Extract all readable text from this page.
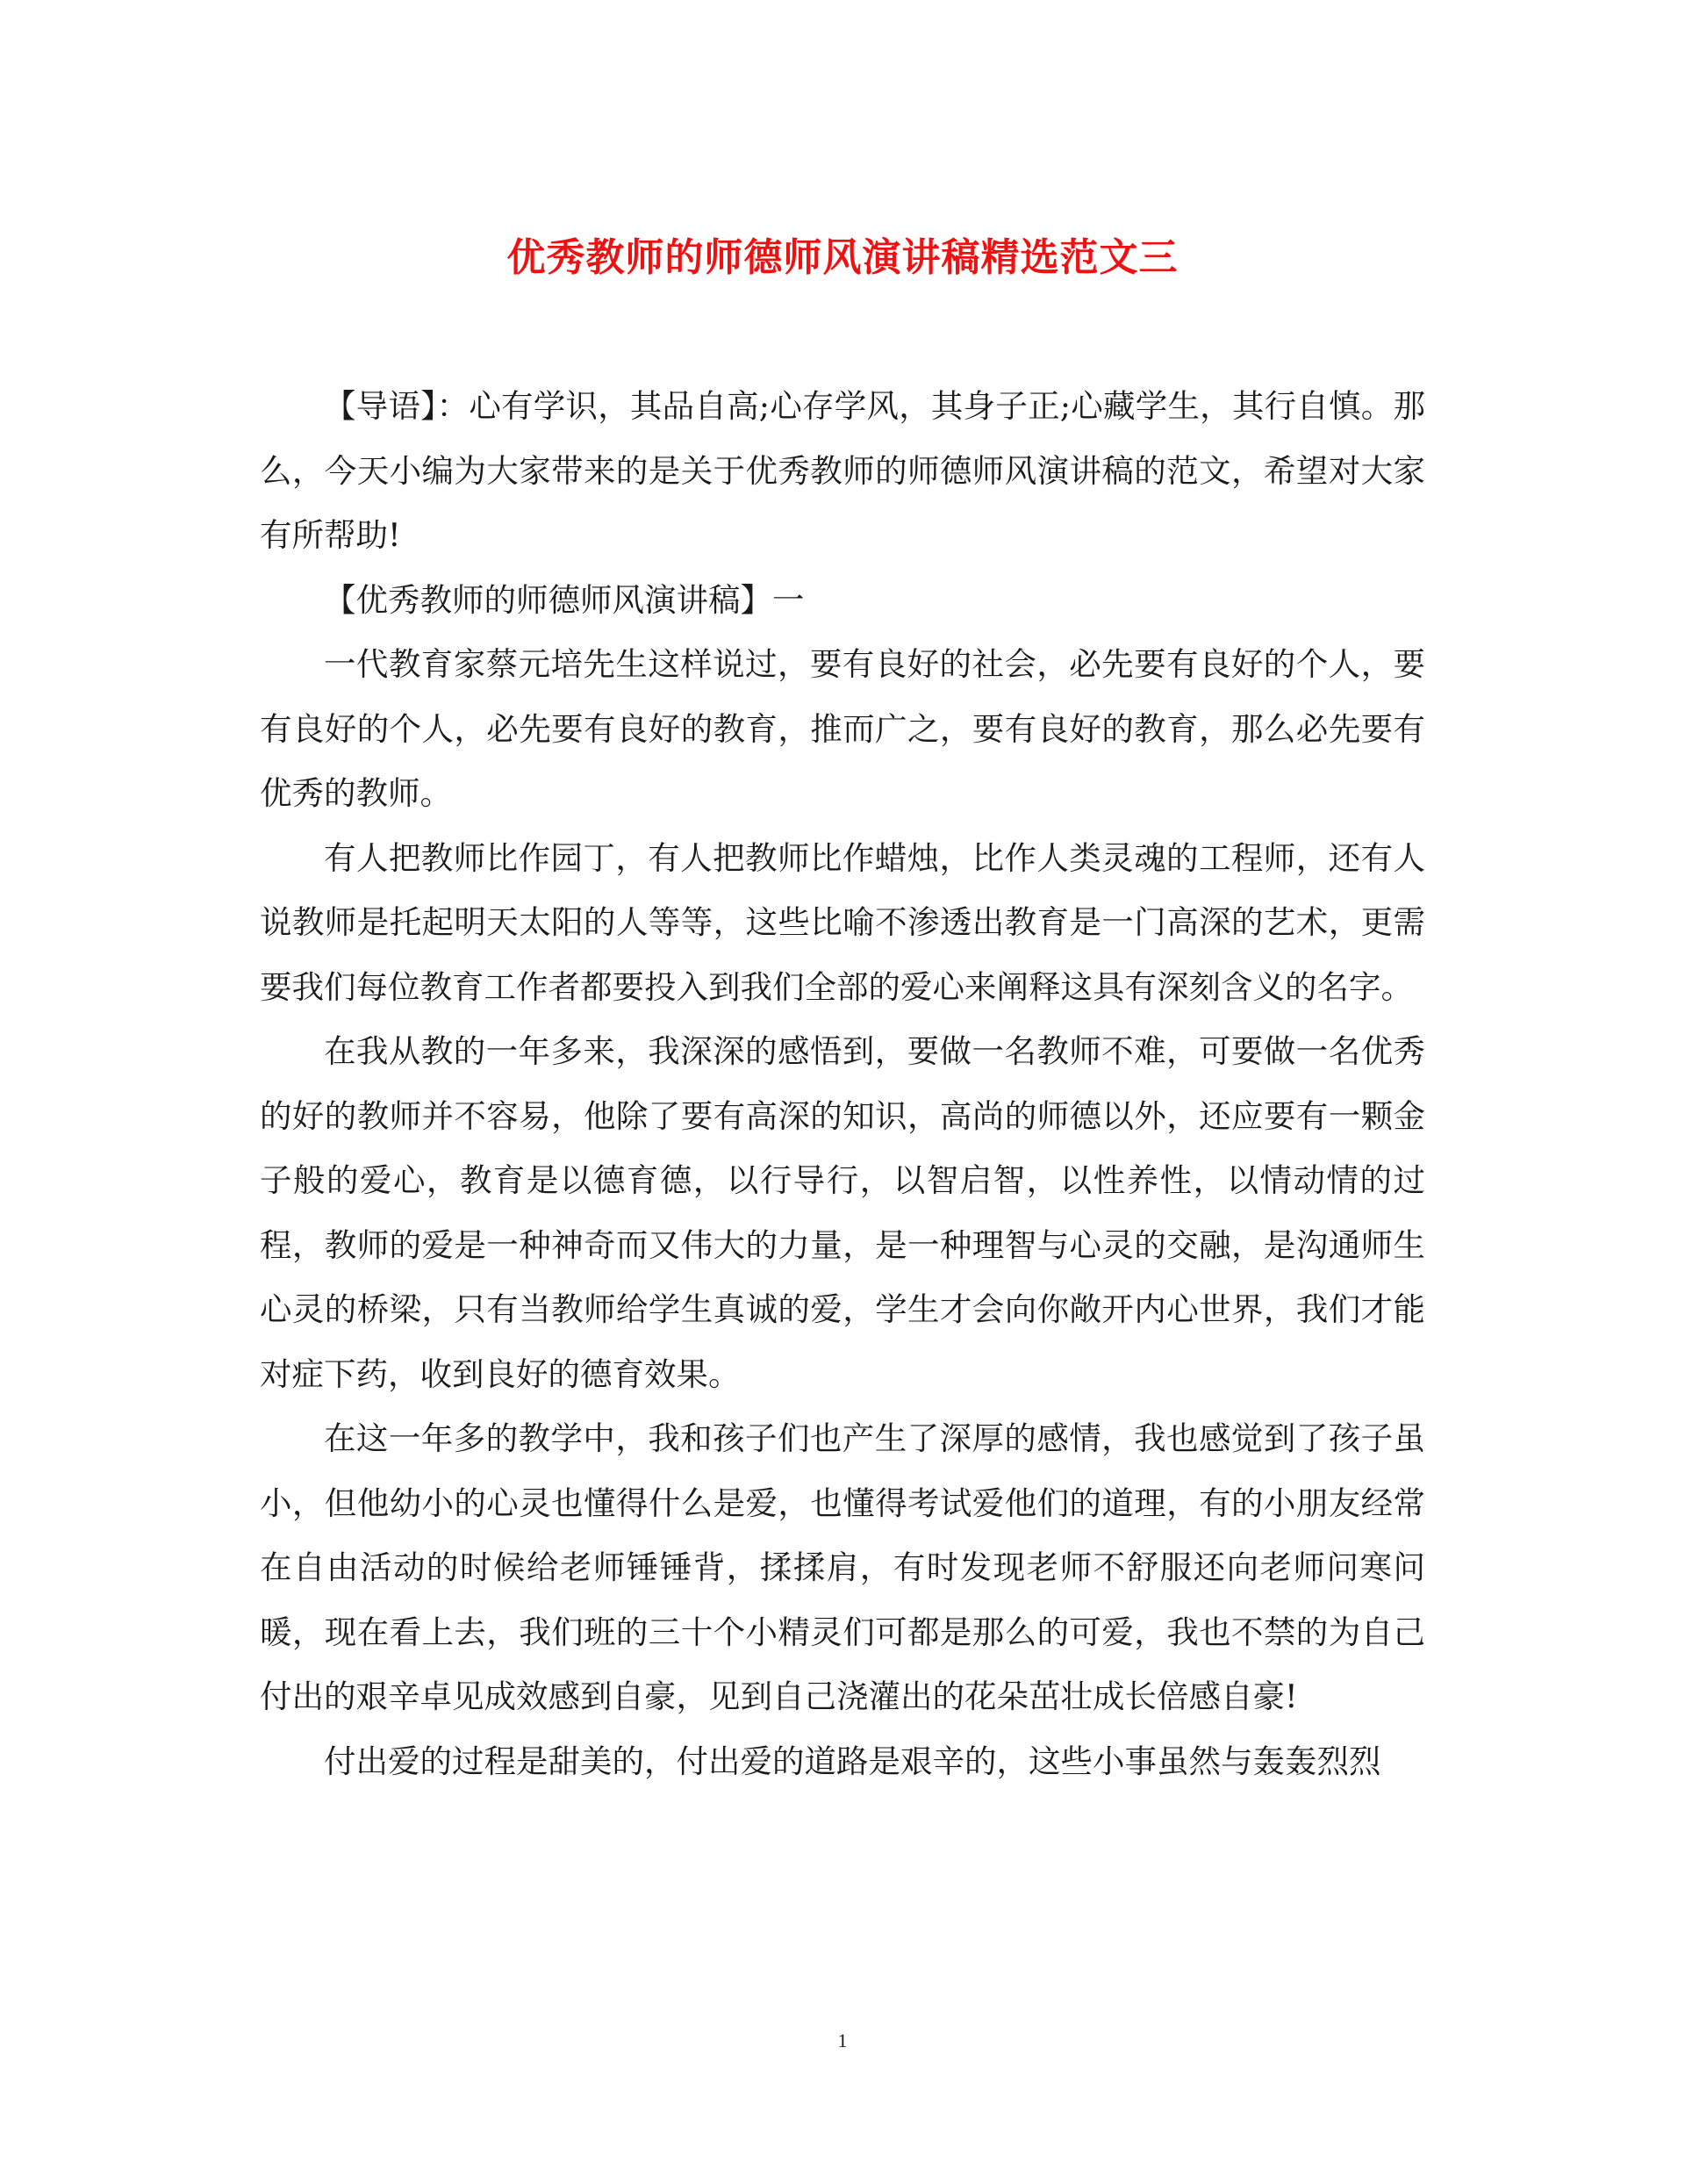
优秀教师的师德师风演讲稿精选范文三

【导语】：心有学识，其品自高;心存学风，其身子正;心藏学生，其行自慎。那么，今天小编为大家带来的是关于优秀教师的师德师风演讲稿的范文，希望对大家有所帮助!

【优秀教师的师德师风演讲稿】一

一代教育家蔡元培先生这样说过，要有良好的社会，必先要有良好的个人，要有良好的个人，必先要有良好的教育，推而广之，要有良好的教育，那么必先要有优秀的教师。

有人把教师比作园丁，有人把教师比作蜡烛，比作人类灵魂的工程师，还有人说教师是托起明天太阳的人等等，这些比喻不渗透出教育是一门高深的艺术，更需要我们每位教育工作者都要投入到我们全部的爱心来阐释这具有深刻含义的名字。

在我从教的一年多来，我深深的感悟到，要做一名教师不难，可要做一名优秀的好的教师并不容易，他除了要有高深的知识，高尚的师德以外，还应要有一颗金子般的爱心，教育是以德育德，以行导行，以智启智，以性养性，以情动情的过程，教师的爱是一种神奇而又伟大的力量，是一种理智与心灵的交融，是沟通师生心灵的桥梁，只有当教师给学生真诚的爱，学生才会向你敞开内心世界，我们才能对症下药，收到良好的德育效果。

在这一年多的教学中，我和孩子们也产生了深厚的感情，我也感觉到了孩子虽小，但他幼小的心灵也懂得什么是爱，也懂得考试爱他们的道理，有的小朋友经常在自由活动的时候给老师锤锤背，揉揉肩，有时发现老师不舒服还向老师问寒问暖，现在看上去，我们班的三十个小精灵们可都是那么的可爱，我也不禁的为自己付出的艰辛卓见成效感到自豪，见到自己浇灌出的花朵茁壮成长倍感自豪!

付出爱的过程是甜美的，付出爱的道路是艰辛的，这些小事虽然与轰轰烈烈

1
